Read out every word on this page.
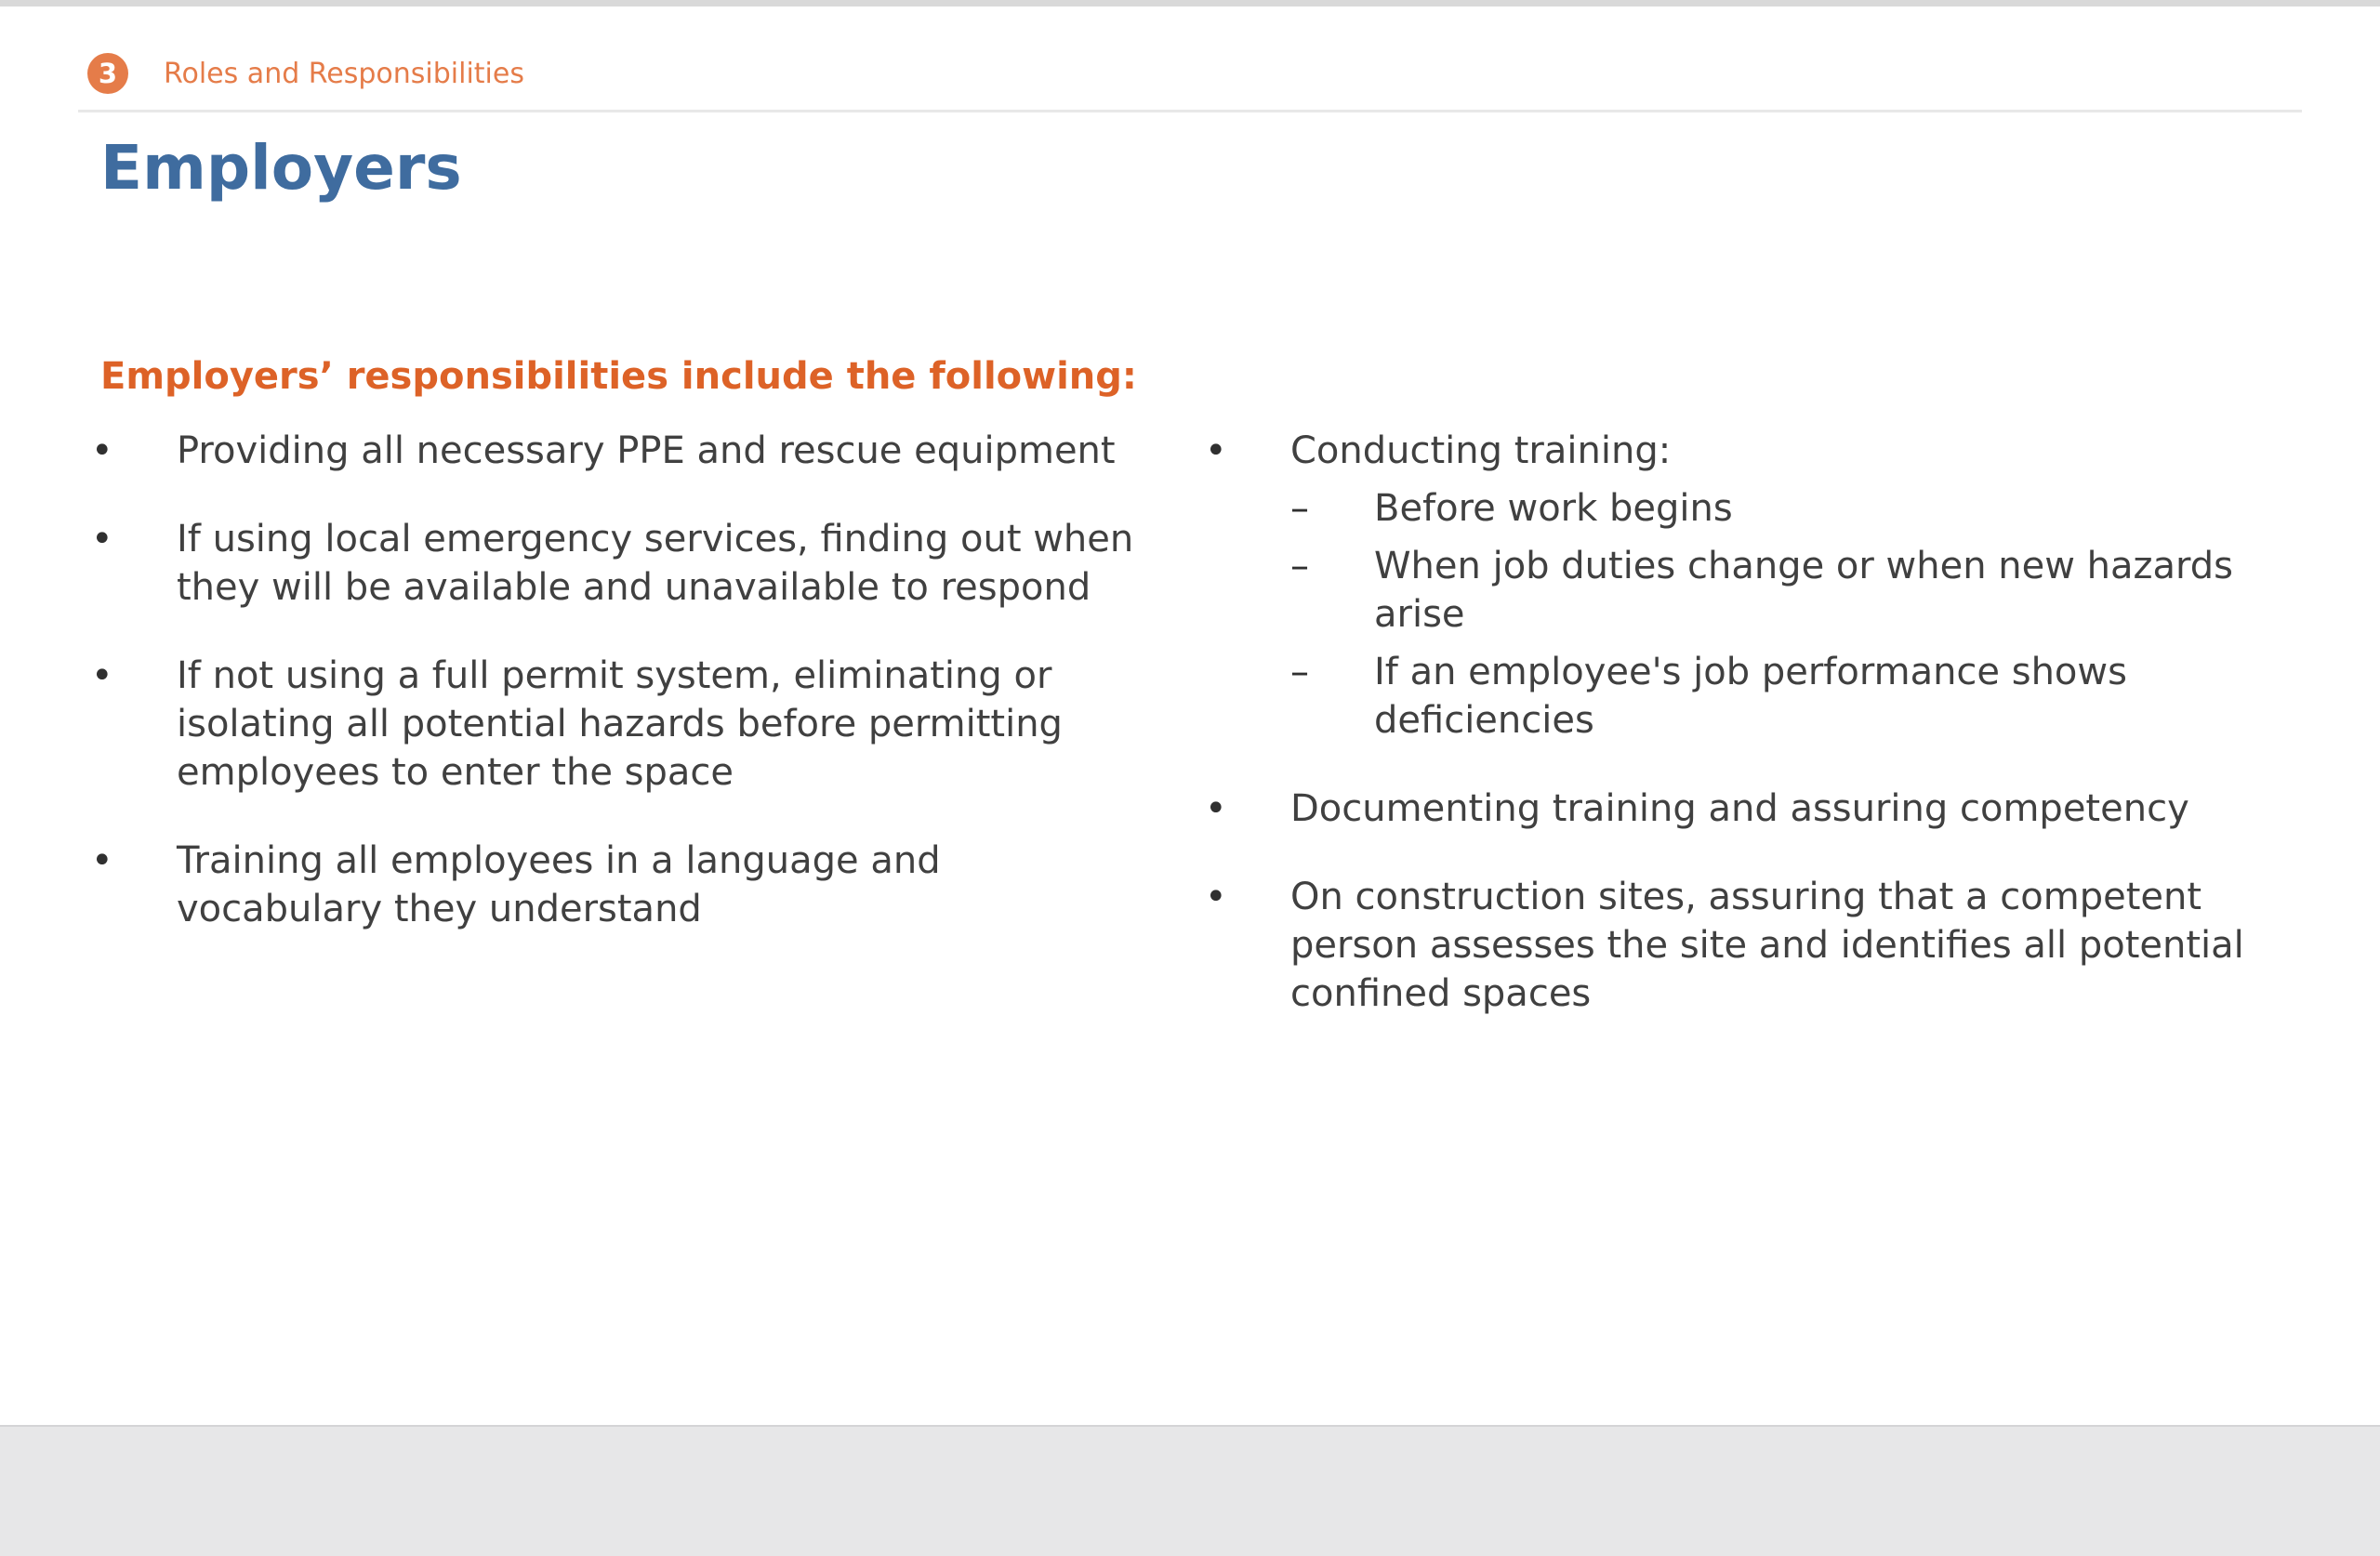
3	Roles and Responsibilities
Employers
Employers’ responsibilities include the following:
•	Providing all necessary PPE and rescue equipment
•	If using local emergency services, finding out when they will be available and unavailable to respond
•	If not using a full permit system, eliminating or isolating all potential hazards before permitting employees to enter the space
•	Training all employees in a language and vocabulary they understand
•	Conducting training:
– Before work begins
– When job duties change or when new hazards arise
– If an employee's job performance shows deficiencies
•	Documenting training and assuring competency
•	On construction sites, assuring that a competent person assesses the site and identifies all potential confined spaces
